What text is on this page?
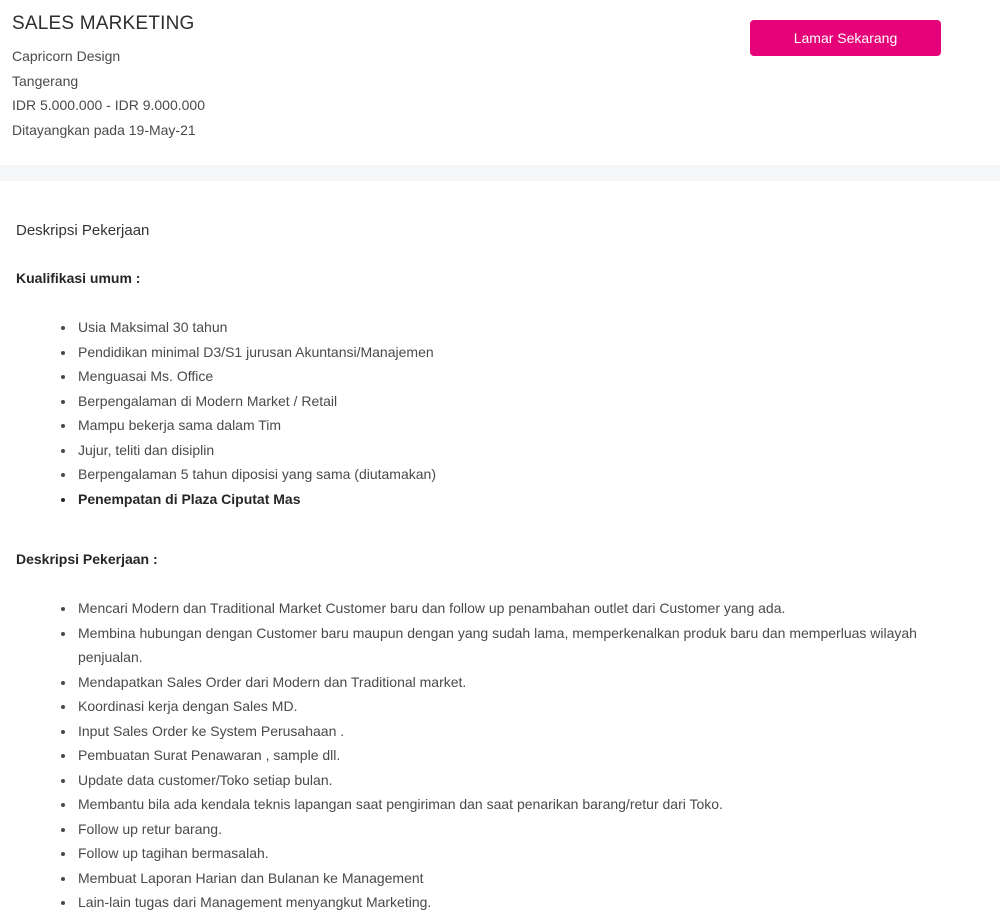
SALES MARKETING
Capricorn Design
Tangerang
IDR 5.000.000 - IDR 9.000.000
Ditayangkan pada 19-May-21
Lamar Sekarang
Deskripsi Pekerjaan

Kualifikasi umum :

• Usia Maksimal 30 tahun
• Pendidikan minimal D3/S1 jurusan Akuntansi/Manajemen
• Menguasai Ms. Office
• Berpengalaman di Modern Market / Retail
• Mampu bekerja sama dalam Tim
• Jujur, teliti dan disiplin
• Berpengalaman 5 tahun diposisi yang sama (diutamakan)
• Penempatan di Plaza Ciputat Mas

Deskripsi Pekerjaan :

• Mencari Modern dan Traditional Market Customer baru dan follow up penambahan outlet dari Customer yang ada.
• Membina hubungan dengan Customer baru maupun dengan yang sudah lama, memperkenalkan produk baru dan memperluas wilayah penjualan.
• Mendapatkan Sales Order dari Modern dan Traditional market.
• Koordinasi kerja dengan Sales MD.
• Input Sales Order ke System Perusahaan .
• Pembuatan Surat Penawaran , sample dll.
• Update data customer/Toko setiap bulan.
• Membantu bila ada kendala teknis lapangan saat pengiriman dan saat penarikan barang/retur dari Toko.
• Follow up retur barang.
• Follow up tagihan bermasalah.
• Membuat Laporan Harian dan Bulanan ke Management
• Lain-lain tugas dari Management menyangkut Marketing.
